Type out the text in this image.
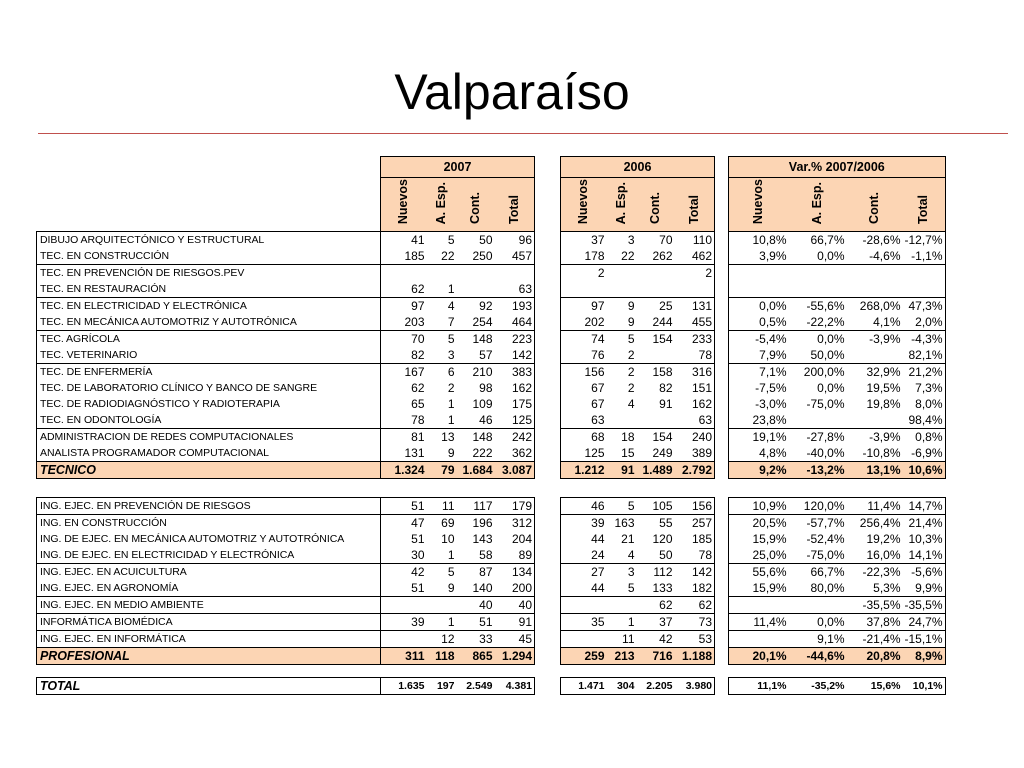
Valparaíso
	2007					2006					Var.% 2007/2006			
	Nuevos	A. Esp.	Cont.	Total		Nuevos	A. Esp.	Cont.	Total		Nuevos	A. Esp.	Cont.	Total
DIBUJO ARQUITECTÓNICO Y ESTRUCTURAL	41	5	50	96		37	3	70	110		10,8%	66,7%	-28,6%	-12,7%
TEC. EN CONSTRUCCIÓN	185	22	250	457		178	22	262	462		3,9%	0,0%	-4,6%	-1,1%
TEC. EN PREVENCIÓN DE RIESGOS.PEV						2			2					
TEC. EN RESTAURACIÓN	62	1		63										
TEC. EN ELECTRICIDAD Y ELECTRÓNICA	97	4	92	193		97	9	25	131		0,0%	-55,6%	268,0%	47,3%
TEC. EN MECÁNICA AUTOMOTRIZ Y AUTOTRÓNICA	203	7	254	464		202	9	244	455		0,5%	-22,2%	4,1%	2,0%
TEC. AGRÍCOLA	70	5	148	223		74	5	154	233		-5,4%	0,0%	-3,9%	-4,3%
TEC. VETERINARIO	82	3	57	142		76	2		78		7,9%	50,0%		82,1%
TEC. DE ENFERMERÍA	167	6	210	383		156	2	158	316		7,1%	200,0%	32,9%	21,2%
TEC. DE LABORATORIO CLÍNICO Y BANCO DE SANGRE	62	2	98	162		67	2	82	151		-7,5%	0,0%	19,5%	7,3%
TEC. DE RADIODIAGNÓSTICO Y RADIOTERAPIA	65	1	109	175		67	4	91	162		-3,0%	-75,0%	19,8%	8,0%
TEC. EN ODONTOLOGÍA	78	1	46	125		63			63		23,8%			98,4%
ADMINISTRACION DE REDES COMPUTACIONALES	81	13	148	242		68	18	154	240		19,1%	-27,8%	-3,9%	0,8%
ANALISTA PROGRAMADOR COMPUTACIONAL	131	9	222	362		125	15	249	389		4,8%	-40,0%	-10,8%	-6,9%
TECNICO	1.324	79	1.684	3.087		1.212	91	1.489	2.792		9,2%	-13,2%	13,1%	10,6%

ING. EJEC. EN PREVENCIÓN DE RIESGOS	51	11	117	179		46	5	105	156		10,9%	120,0%	11,4%	14,7%
ING. EN CONSTRUCCIÓN	47	69	196	312		39	163	55	257		20,5%	-57,7%	256,4%	21,4%
ING. DE EJEC. EN MECÁNICA AUTOMOTRIZ Y AUTOTRÓNICA	51	10	143	204		44	21	120	185		15,9%	-52,4%	19,2%	10,3%
ING. DE EJEC. EN ELECTRICIDAD Y ELECTRÓNICA	30	1	58	89		24	4	50	78		25,0%	-75,0%	16,0%	14,1%
ING. EJEC. EN ACUICULTURA	42	5	87	134		27	3	112	142		55,6%	66,7%	-22,3%	-5,6%
ING. EJEC. EN AGRONOMÍA	51	9	140	200		44	5	133	182		15,9%	80,0%	5,3%	9,9%
ING. EJEC. EN MEDIO AMBIENTE			40	40				62	62				-35,5%	-35,5%
INFORMÁTICA BIOMÉDICA	39	1	51	91		35	1	37	73		11,4%	0,0%	37,8%	24,7%
ING. EJEC. EN INFORMÁTICA		12	33	45			11	42	53			9,1%	-21,4%	-15,1%
PROFESIONAL	311	118	865	1.294		259	213	716	1.188		20,1%	-44,6%	20,8%	8,9%

TOTAL	1.635	197	2.549	4.381		1.471	304	2.205	3.980		11,1%	-35,2%	15,6%	10,1%
